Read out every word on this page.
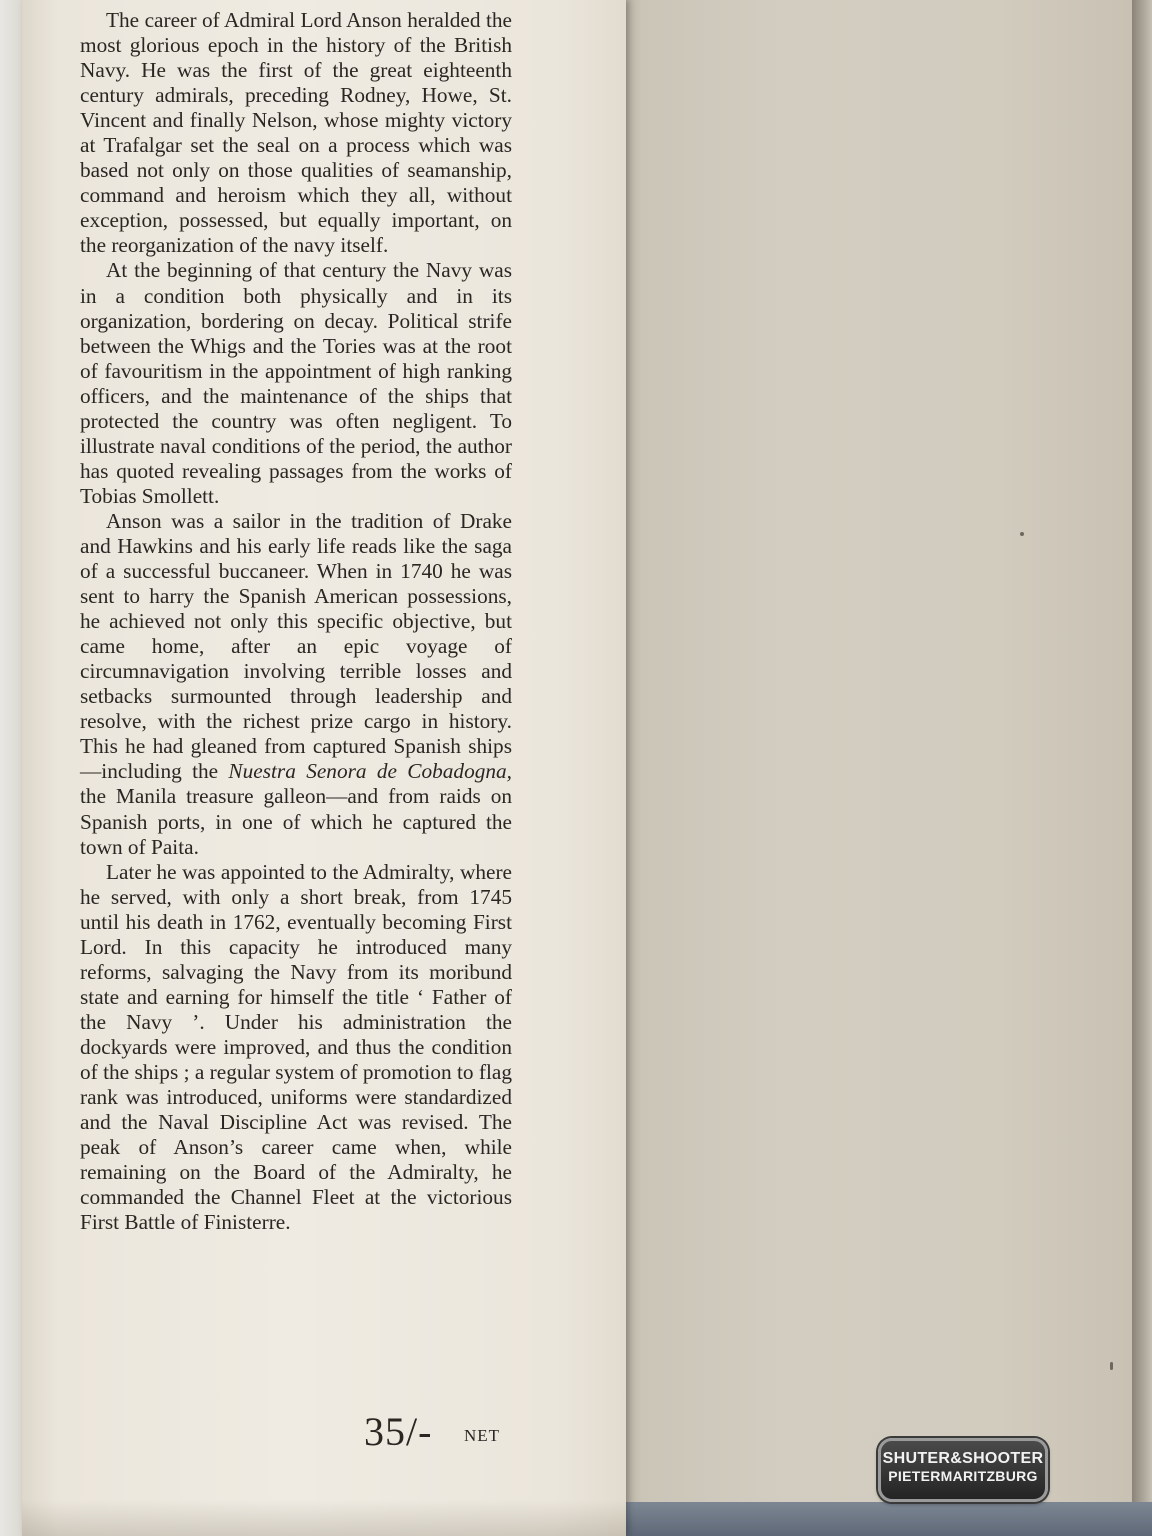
The career of Admiral Lord Anson heralded the most glorious epoch in the history of the British Navy. He was the first of the great eighteenth century admirals, preceding Rodney, Howe, St. Vincent and finally Nelson, whose mighty victory at Trafalgar set the seal on a process which was based not only on those qualities of seamanship, command and heroism which they all, without exception, possessed, but equally important, on the reorganization of the navy itself.

At the beginning of that century the Navy was in a condition both physically and in its organization, bordering on decay. Political strife between the Whigs and the Tories was at the root of favouritism in the appointment of high ranking officers, and the maintenance of the ships that protected the country was often negligent. To illustrate naval conditions of the period, the author has quoted revealing passages from the works of Tobias Smollett.

Anson was a sailor in the tradition of Drake and Hawkins and his early life reads like the saga of a successful buccaneer. When in 1740 he was sent to harry the Spanish American possessions, he achieved not only this specific objective, but came home, after an epic voyage of circumnavigation involving terrible losses and setbacks surmounted through leadership and resolve, with the richest prize cargo in history. This he had gleaned from captured Spanish ships—including the Nuestra Senora de Cobadogna, the Manila treasure galleon—and from raids on Spanish ports, in one of which he captured the town of Paita.

Later he was appointed to the Admiralty, where he served, with only a short break, from 1745 until his death in 1762, eventually becoming First Lord. In this capacity he introduced many reforms, salvaging the Navy from its moribund state and earning for himself the title ‘ Father of the Navy ’. Under his administration the dockyards were improved, and thus the condition of the ships ; a regular system of promotion to flag rank was introduced, uniforms were standardized and the Naval Discipline Act was revised. The peak of Anson’s career came when, while remaining on the Board of the Admiralty, he commanded the Channel Fleet at the victorious First Battle of Finisterre.

35/- NET
SHUTER&SHOOTER
PIETERMARITZBURG
